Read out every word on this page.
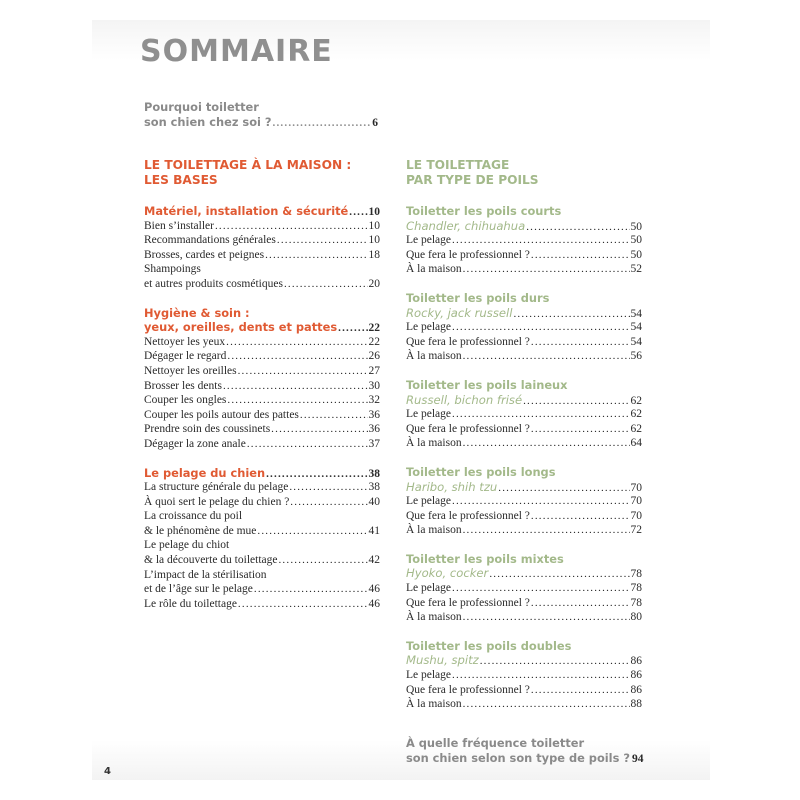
SOMMAIRE
Pourquoi toiletter
son chien chez soi ? .....	6
LE TOILETTAGE À LA MAISON :
LES BASES
Matériel, installation & sécurité ..... 10
Bien s’installer .....	10
Recommandations générales .....	10
Brosses, cardes et peignes .....	18
Shampoings
et autres produits cosmétiques .....	20
Hygiène & soin :
yeux, oreilles, dents et pattes .....	22
Nettoyer les yeux .....	22
Dégager le regard .....	26
Nettoyer les oreilles .....	27
Brosser les dents .....	30
Couper les ongles .....	32
Couper les poils autour des pattes .....	36
Prendre soin des coussinets .....	36
Dégager la zone anale .....	37
Le pelage du chien .....	38
La structure générale du pelage .....	38
À quoi sert le pelage du chien ? .....	40
La croissance du poil
& le phénomène de mue .....	41
Le pelage du chiot
& la découverte du toilettage .....	42
L’impact de la stérilisation
et de l’âge sur le pelage .....	46
Le rôle du toilettage .....	46
LE TOILETTAGE
PAR TYPE DE POILS
Toiletter les poils courts
Chandler, chihuahua .....	50
Le pelage .....	50
Que fera le professionnel ? .....	50
À la maison .....	52
Toiletter les poils durs
Rocky, jack russell .....	54
Le pelage .....	54
Que fera le professionnel ? .....	54
À la maison .....	56
Toiletter les poils laineux
Russell, bichon frisé .....	62
Le pelage .....	62
Que fera le professionnel ? .....	62
À la maison .....	64
Toiletter les poils longs
Haribo, shih tzu .....	70
Le pelage .....	70
Que fera le professionnel ? .....	70
À la maison .....	72
Toiletter les poils mixtes
Hyoko, cocker .....	78
Le pelage .....	78
Que fera le professionnel ? .....	78
À la maison .....	80
Toiletter les poils doubles
Mushu, spitz .....	86
Le pelage .....	86
Que fera le professionnel ? .....	86
À la maison .....	88
À quelle fréquence toiletter
son chien selon son type de poils ? 94
4
